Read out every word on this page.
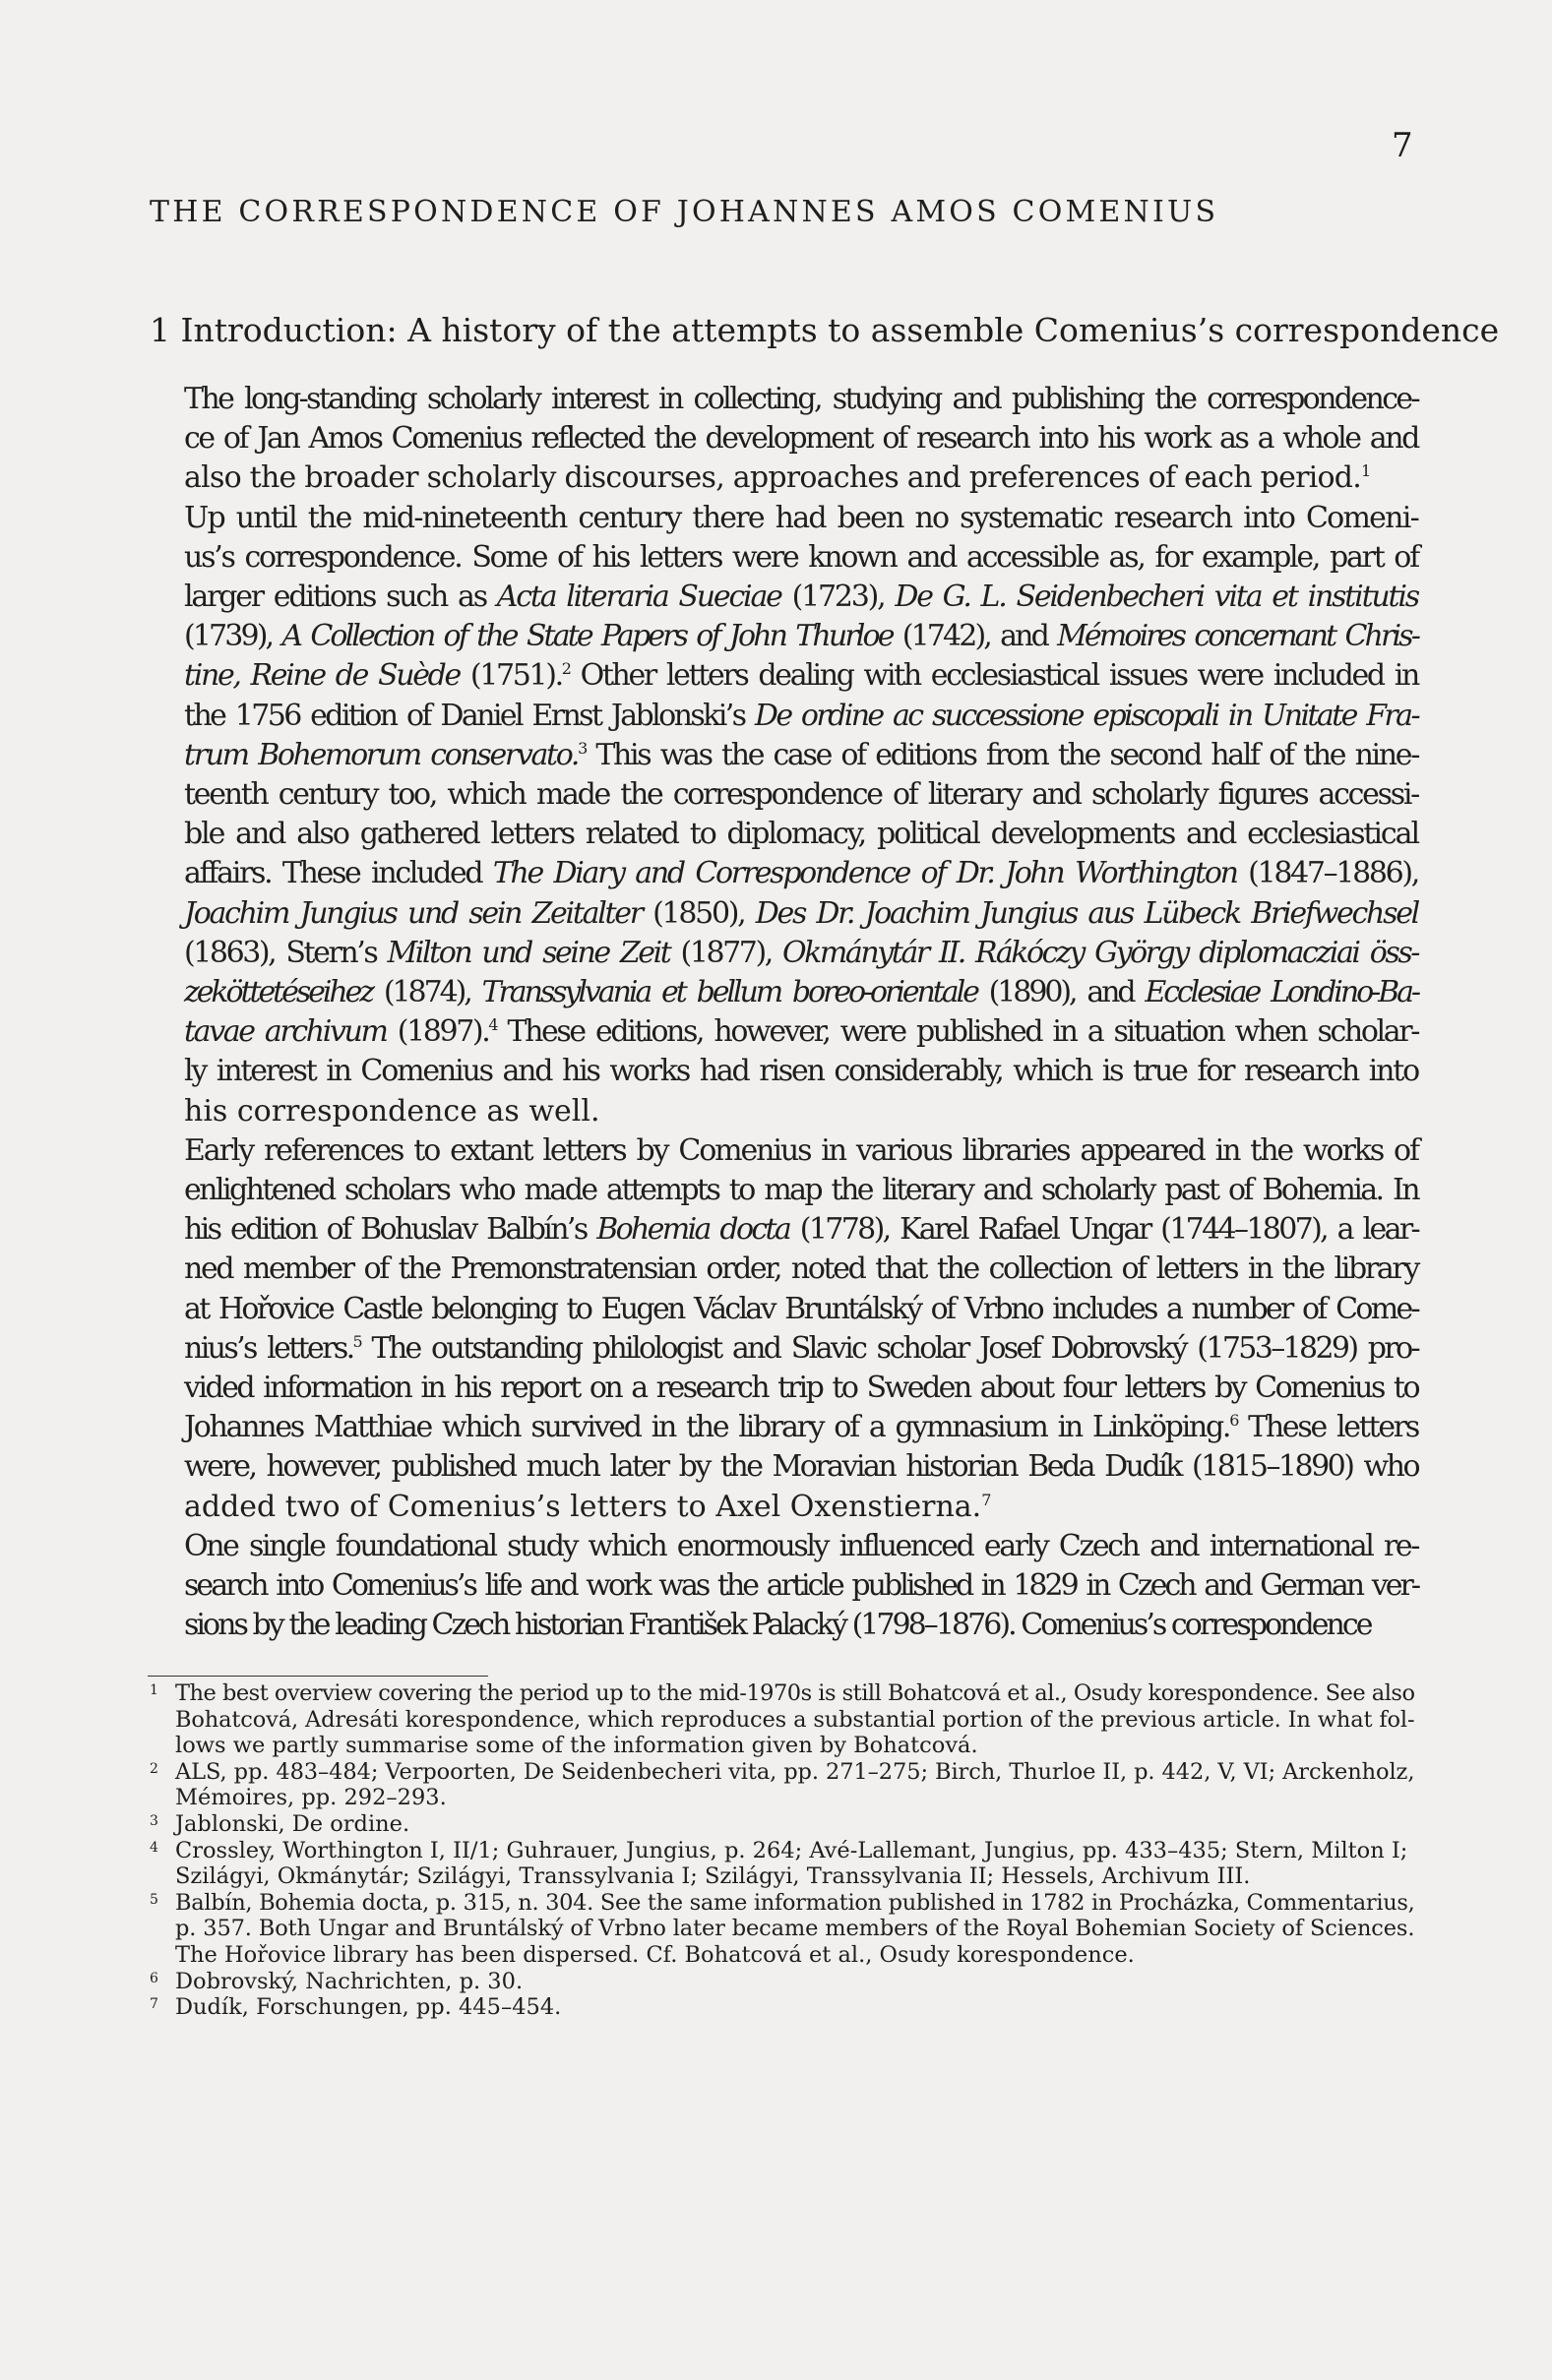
7
THE CORRESPONDENCE OF JOHANNES AMOS COMENIUS
1 Introduction: A history of the attempts to assemble Comenius’s correspondence

The long-standing scholarly interest in collecting, studying and publishing the correspondence-
ce of Jan Amos Comenius reflected the development of research into his work as a whole and
also the broader scholarly discourses, approaches and preferences of each period.$^1$

Up until the mid-nineteenth century there had been no systematic research into Comeni-
us’s correspondence. Some of his letters were known and accessible as, for example, part of
larger editions such as Acta literaria Sueciae (1723), De G. L. Seidenbecheri vita et institutis
(1739), A Collection of the State Papers of John Thurloe (1742), and Mémoires concernant Chris-
tine, Reine de Suède (1751).$^2$ Other letters dealing with ecclesiastical issues were included in
the 1756 edition of Daniel Ernst Jablonski’s De ordine ac successione episcopali in Unitate Fra-
trum Bohemorum conservato.$^3$ This was the case of editions from the second half of the nine-
teenth century too, which made the correspondence of literary and scholarly figures accessi-
ble and also gathered letters related to diplomacy, political developments and ecclesiastical
affairs. These included The Diary and Correspondence of Dr. John Worthington (1847–1886),
Joachim Jungius und sein Zeitalter (1850), Des Dr. Joachim Jungius aus Lübeck Briefwechsel
(1863), Stern’s Milton und seine Zeit (1877), Okmánytár II. Rákóczy György diplomacziai öss-
zeköttetéseihez (1874), Transsylvania et bellum boreo-orientale (1890), and Ecclesiae Londino-Ba-
tavae archivum (1897).$^4$ These editions, however, were published in a situation when scholar-
ly interest in Comenius and his works had risen considerably, which is true for research into
his correspondence as well.

Early references to extant letters by Comenius in various libraries appeared in the works of
enlightened scholars who made attempts to map the literary and scholarly past of Bohemia. In
his edition of Bohuslav Balbín’s Bohemia docta (1778), Karel Rafael Ungar (1744–1807), a lear-
ned member of the Premonstratensian order, noted that the collection of letters in the library
at Hořovice Castle belonging to Eugen Václav Bruntálský of Vrbno includes a number of Come-
nius’s letters.$^5$ The outstanding philologist and Slavic scholar Josef Dobrovský (1753–1829) pro-
vided information in his report on a research trip to Sweden about four letters by Comenius to
Johannes Matthiae which survived in the library of a gymnasium in Linköping.$^6$ These letters
were, however, published much later by the Moravian historian Beda Dudík (1815–1890) who
added two of Comenius’s letters to Axel Oxenstierna.$^7$

One single foundational study which enormously influenced early Czech and international re-
search into Comenius’s life and work was the article published in 1829 in Czech and German ver-
sions by the leading Czech historian František Palacký (1798–1876). Comenius’s correspondence

1 The best overview covering the period up to the mid-1970s is still Bohatcová et al., Osudy korespondence. See also
Bohatcová, Adresáti korespondence, which reproduces a substantial portion of the previous article. In what fol-
lows we partly summarise some of the information given by Bohatcová.
2 ALS, pp. 483–484; Verpoorten, De Seidenbecheri vita, pp. 271–275; Birch, Thurloe II, p. 442, V, VI; Arckenholz,
Mémoires, pp. 292–293.
3 Jablonski, De ordine.
4 Crossley, Worthington I, II/1; Guhrauer, Jungius, p. 264; Avé-Lallemant, Jungius, pp. 433–435; Stern, Milton I;
Szilágyi, Okmánytár; Szilágyi, Transsylvania I; Szilágyi, Transsylvania II; Hessels, Archivum III.
5 Balbín, Bohemia docta, p. 315, n. 304. See the same information published in 1782 in Procházka, Commentarius,
p. 357. Both Ungar and Bruntálský of Vrbno later became members of the Royal Bohemian Society of Sciences.
The Hořovice library has been dispersed. Cf. Bohatcová et al., Osudy korespondence.
6 Dobrovský, Nachrichten, p. 30.
7 Dudík, Forschungen, pp. 445–454.
